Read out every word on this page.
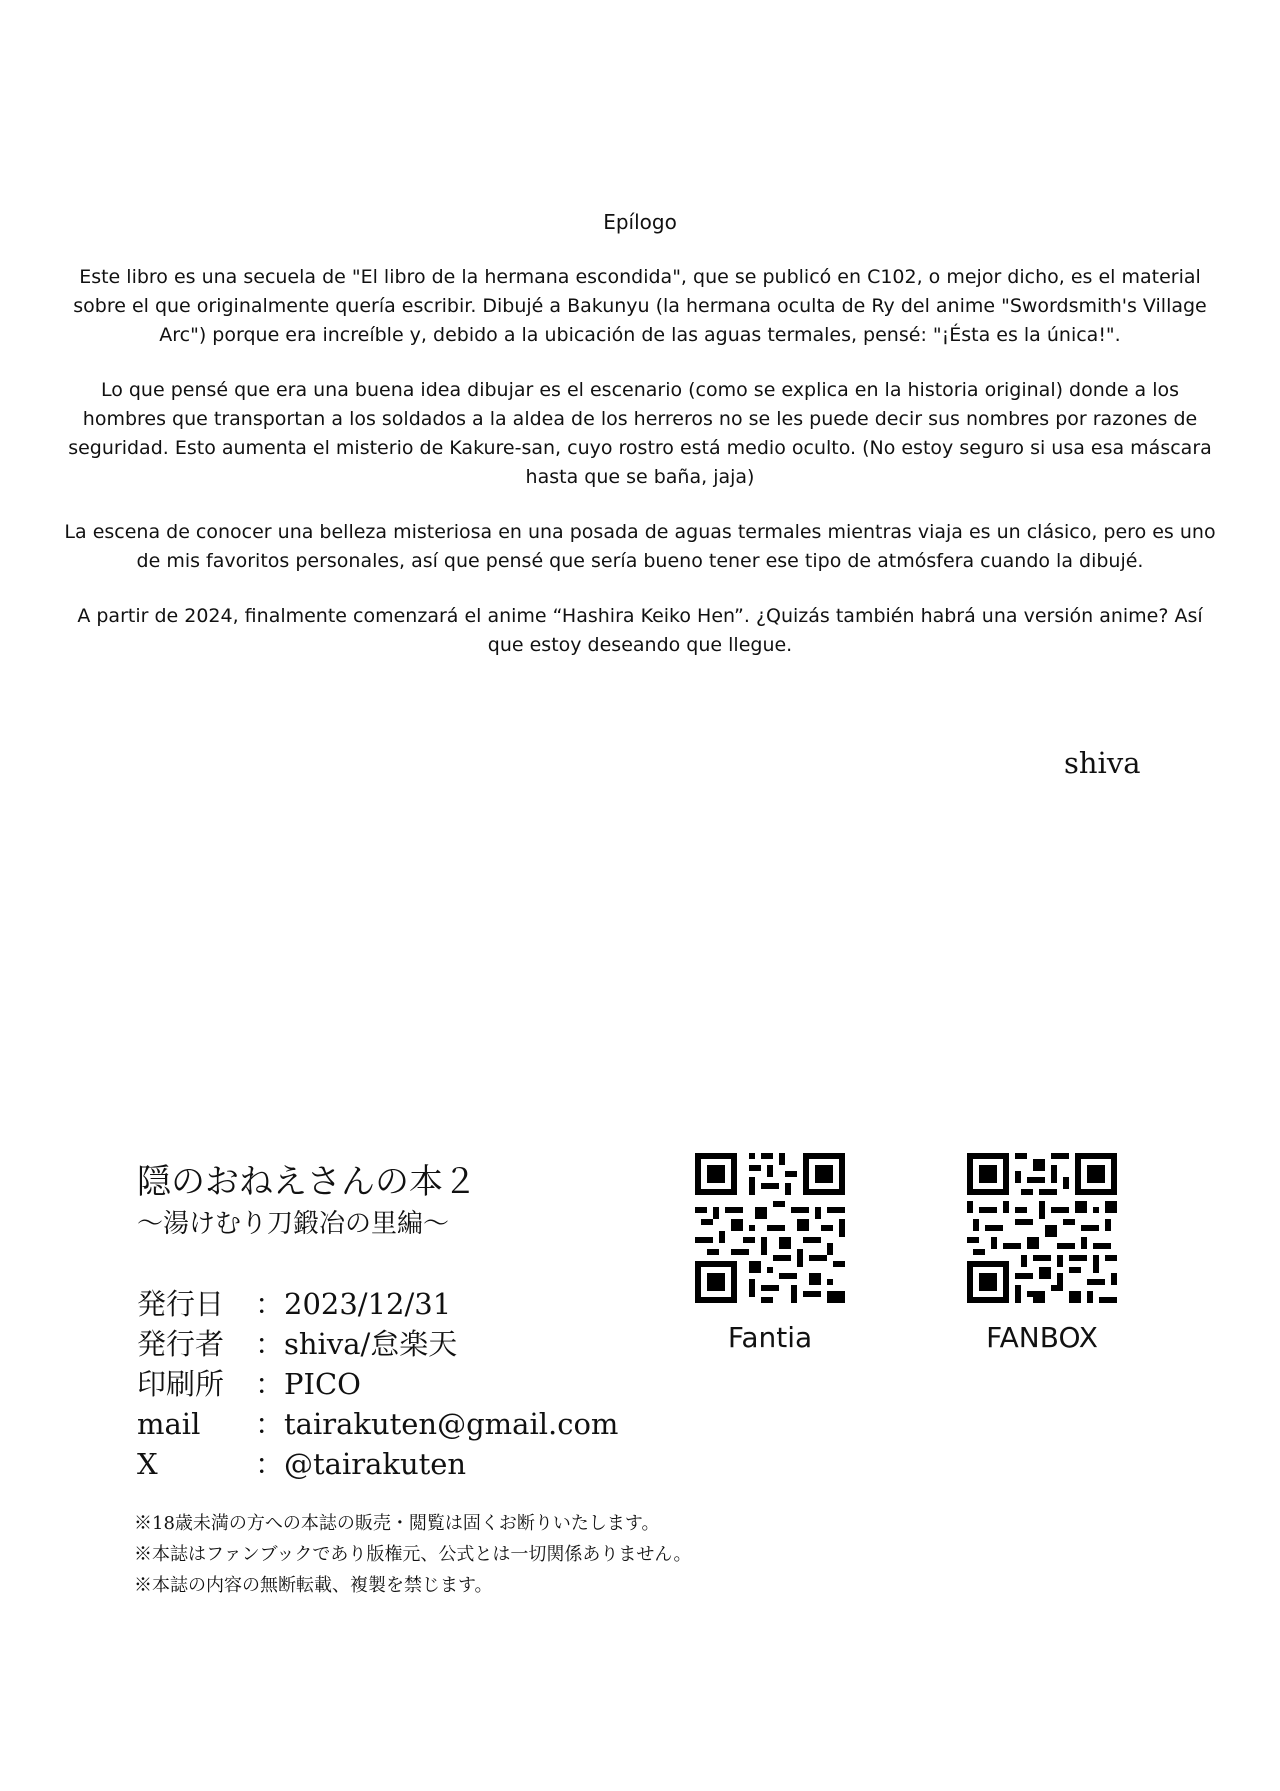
Epílogo

Este libro es una secuela de "El libro de la hermana escondida", que se publicó en C102, o mejor dicho, es el material sobre el que originalmente quería escribir. Dibujé a Bakunyu (la hermana oculta de Ry del anime "Swordsmith's Village Arc") porque era increíble y, debido a la ubicación de las aguas termales, pensé: "¡Ésta es la única!".

Lo que pensé que era una buena idea dibujar es el escenario (como se explica en la historia original) donde a los hombres que transportan a los soldados a la aldea de los herreros no se les puede decir sus nombres por razones de seguridad. Esto aumenta el misterio de Kakure-san, cuyo rostro está medio oculto. (No estoy seguro si usa esa máscara hasta que se baña, jaja)

La escena de conocer una belleza misteriosa en una posada de aguas termales mientras viaja es un clásico, pero es uno de mis favoritos personales, así que pensé que sería bueno tener ese tipo de atmósfera cuando la dibujé.

A partir de 2024, finalmente comenzará el anime “Hashira Keiko Hen”. ¿Quizás también habrá una versión anime? Así que estoy deseando que llegue.

shiva
隠のおねえさんの本２
〜湯けむり刀鍛冶の里編〜
発行日	：2023/12/31
発行者	：shiva/怠楽天
印刷所	：PICO
mail	：tairakuten@gmail.com
X	：@tairakuten
※18歳未満の方への本誌の販売・閲覧は固くお断りいたします。
※本誌はファンブックであり版権元、公式とは一切関係ありません。
※本誌の内容の無断転載、複製を禁じます。
Fantia	FANBOX
